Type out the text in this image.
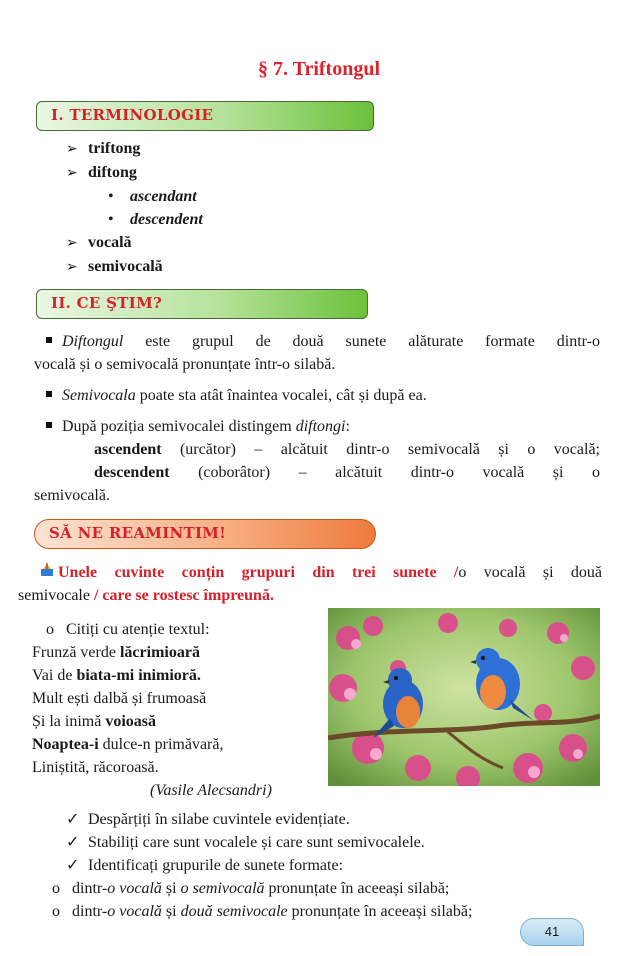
§ 7. Triftongul
I. TERMINOLOGIE
➢ triftong
➢ diftong
• ascendant
• descendent
➢ vocală
➢ semivocală
II. CE ŞTIM?
Diftongul este grupul de două sunete alăturate formate dintr-o
vocală și o semivocală pronunțate într-o silabă.
Semivocala poate sta atât înaintea vocalei, cât și după ea.
După poziția semivocalei distingem diftongi:
ascendent (urcător) – alcătuit dintr-o semivocală și o vocală;
descendent (coborâtor) – alcătuit dintr-o vocală și o
semivocală.
SĂ NE REAMINTIM!
Unele cuvinte conțin grupuri din trei sunete /o vocală și două
semivocale / care se rostesc împreună.
o Citiți cu atenție textul:
Frunză verde lăcrimioară
Vai de biata-mi inimioră.
Mult ești dalbă și frumoasă
Și la inimă voioasă
Noaptea-i dulce-n primăvară,
Liniștită, răcoroasă.
(Vasile Alecsandri)
✓ Despărțiți în silabe cuvintele evidențiate.
✓ Stabiliți care sunt vocalele și care sunt semivocalele.
✓ Identificați grupurile de sunete formate:
o dintr-o vocală și o semivocală pronunțate în aceeași silabă;
o dintr-o vocală și două semivocale pronunțate în aceeași silabă;
41
